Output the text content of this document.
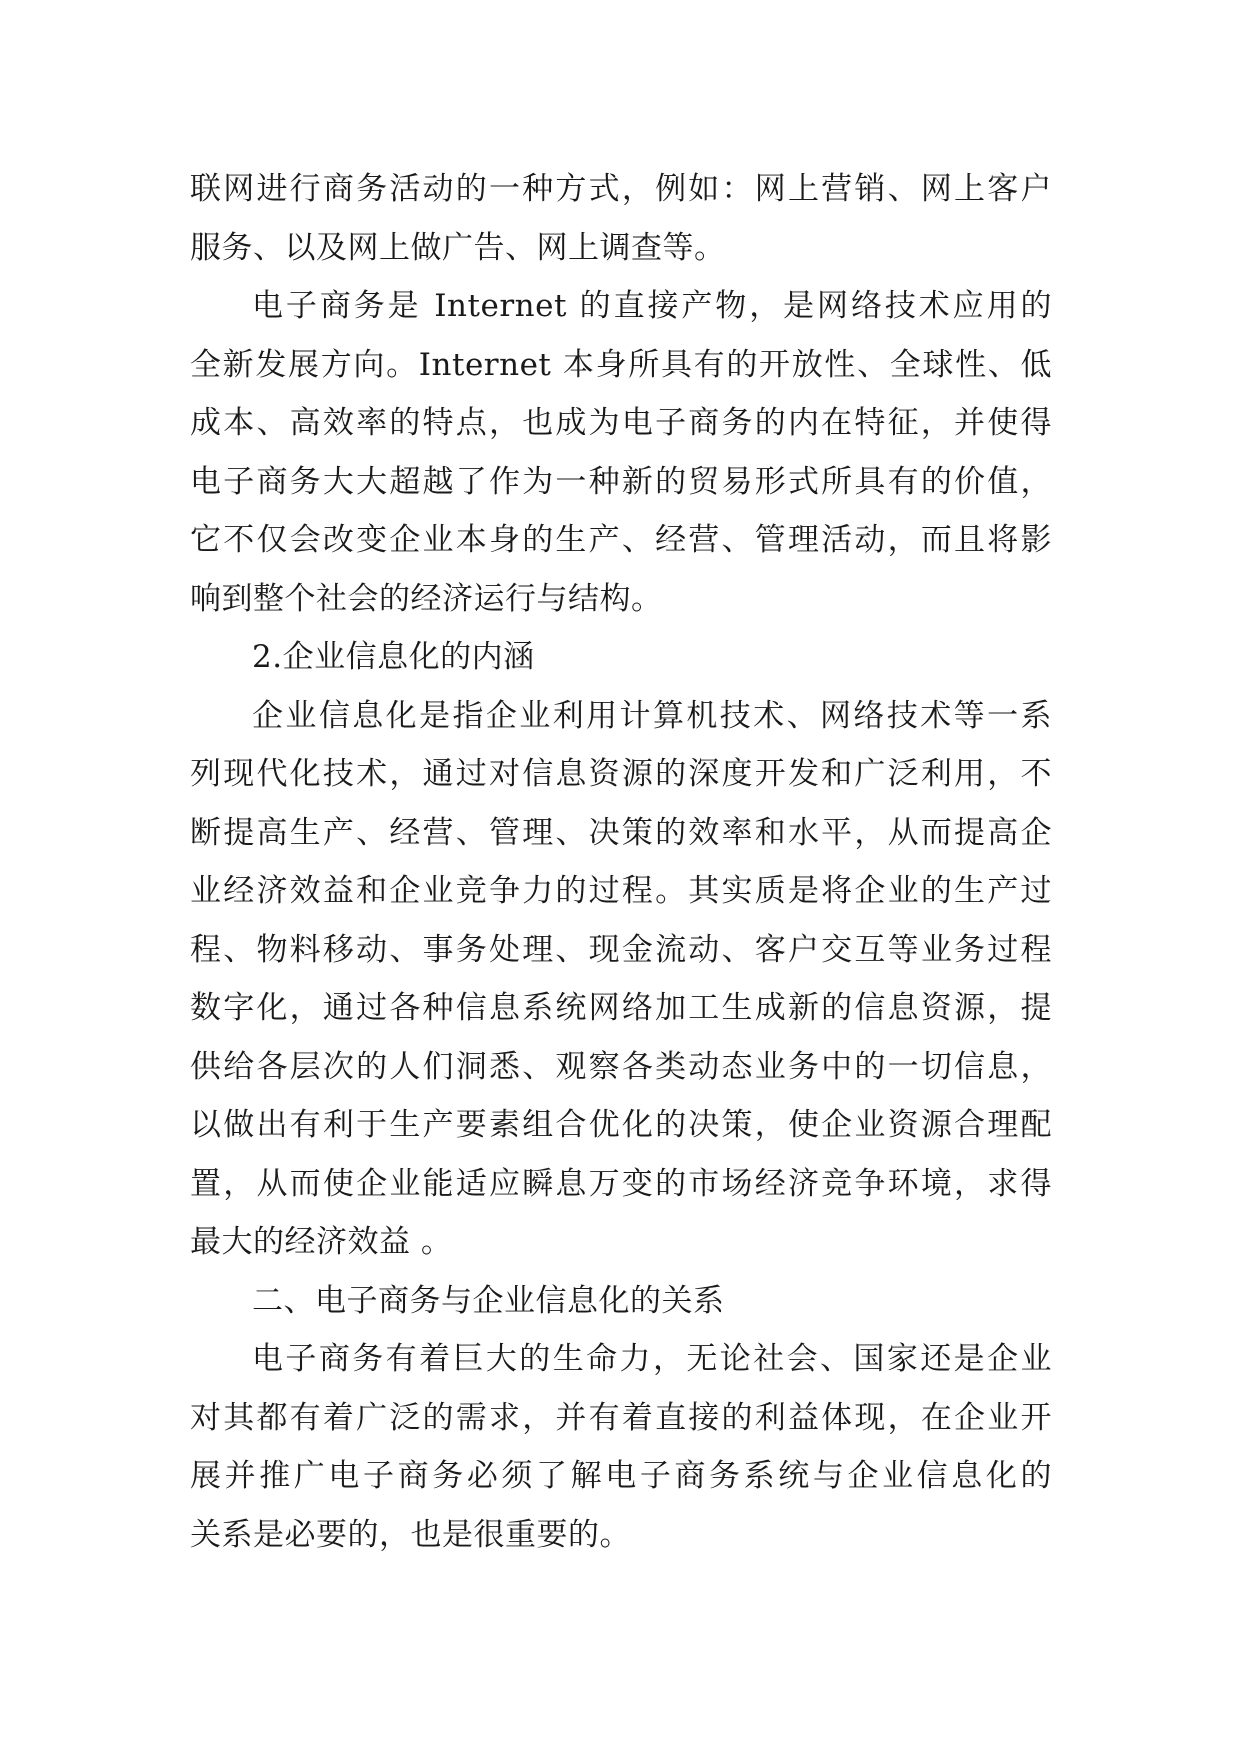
联网进行商务活动的一种方式，例如：网上营销、网上客户
服务、以及网上做广告、网上调查等。
电子商务是 Internet 的直接产物，是网络技术应用的
全新发展方向。Internet 本身所具有的开放性、全球性、低
成本、高效率的特点，也成为电子商务的内在特征，并使得
电子商务大大超越了作为一种新的贸易形式所具有的价值，
它不仅会改变企业本身的生产、经营、管理活动，而且将影
响到整个社会的经济运行与结构。
2.企业信息化的内涵
企业信息化是指企业利用计算机技术、网络技术等一系
列现代化技术，通过对信息资源的深度开发和广泛利用，不
断提高生产、经营、管理、决策的效率和水平，从而提高企
业经济效益和企业竞争力的过程。其实质是将企业的生产过
程、物料移动、事务处理、现金流动、客户交互等业务过程
数字化，通过各种信息系统网络加工生成新的信息资源，提
供给各层次的人们洞悉、观察各类动态业务中的一切信息，
以做出有利于生产要素组合优化的决策，使企业资源合理配
置，从而使企业能适应瞬息万变的市场经济竞争环境，求得
最大的经济效益 。
二、电子商务与企业信息化的关系
电子商务有着巨大的生命力，无论社会、国家还是企业
对其都有着广泛的需求，并有着直接的利益体现，在企业开
展并推广电子商务必须了解电子商务系统与企业信息化的
关系是必要的，也是很重要的。
